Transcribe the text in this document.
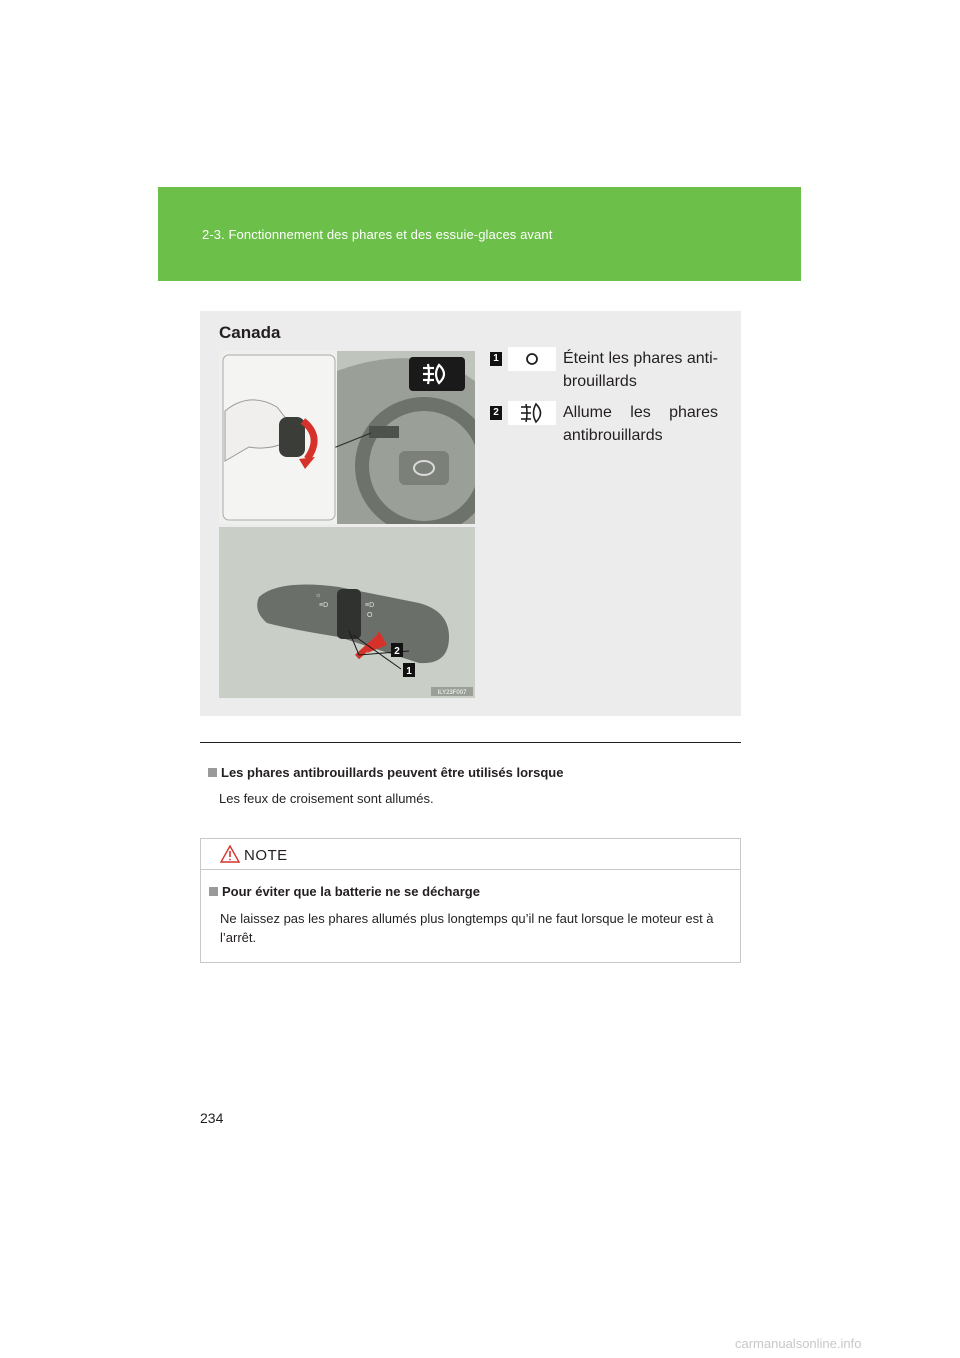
2-3. Fonctionnement des phares et des essuie-glaces avant
Canada
☼
≡D	≡D
O
2
1
ILY23F007
1	Éteint les phares anti-brouillards
2	Allume les phares antibrouillards
Les phares antibrouillards peuvent être utilisés lorsque
Les feux de croisement sont allumés.
NOTE
Pour éviter que la batterie ne se décharge
Ne laissez pas les phares allumés plus longtemps qu’il ne faut lorsque le moteur est à l’arrêt.
234
carmanualsonline.info
